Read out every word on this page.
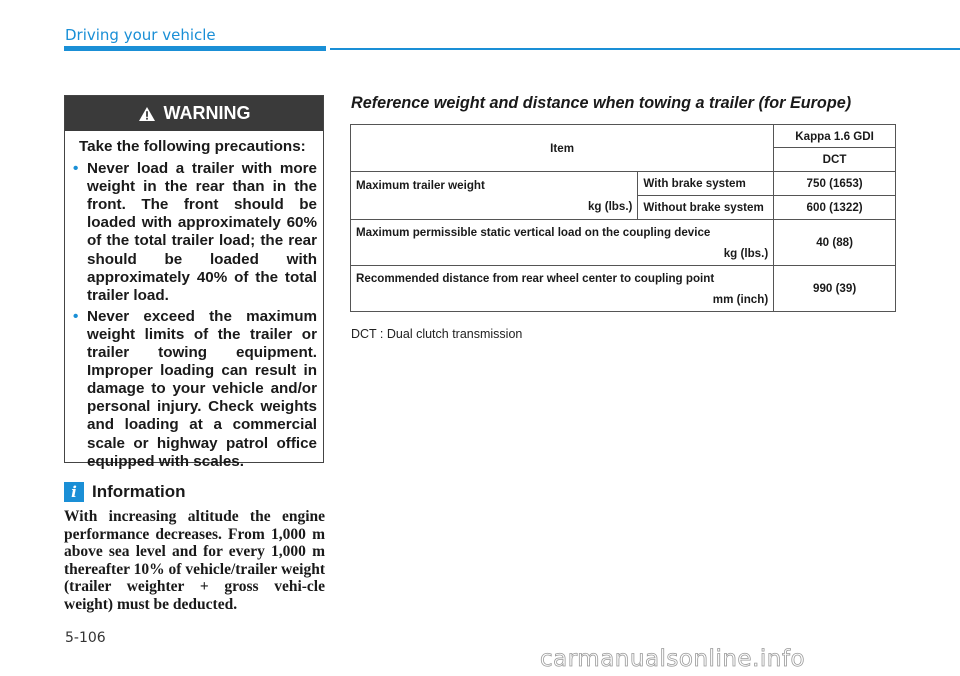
Driving your vehicle
WARNING
Take the following precautions:
• Never load a trailer with more weight in the rear than in the front. The front should be loaded with approximately 60% of the total trailer load; the rear should be loaded with approximately 40% of the total trailer load.
• Never exceed the maximum weight limits of the trailer or trailer towing equipment. Improper loading can result in damage to your vehicle and/or personal injury. Check weights and loading at a commercial scale or highway patrol office equipped with scales.
i Information
With increasing altitude the engine performance decreases. From 1,000 m above sea level and for every 1,000 m thereafter 10% of vehicle/trailer weight (trailer weighter + gross vehi-cle weight) must be deducted.
5-106
Reference weight and distance when towing a trailer (for Europe)
Item		Kappa 1.6 GDI
		DCT

Maximum trailer weight
kg (lbs.)	With brake system	750 (1653)
	Without brake system	600 (1322)

Maximum permissible static vertical load on the coupling device
kg (lbs.)		40 (88)

Recommended distance from rear wheel center to coupling point
mm (inch)		990 (39)
DCT : Dual clutch transmission
carmanualsonline.info
